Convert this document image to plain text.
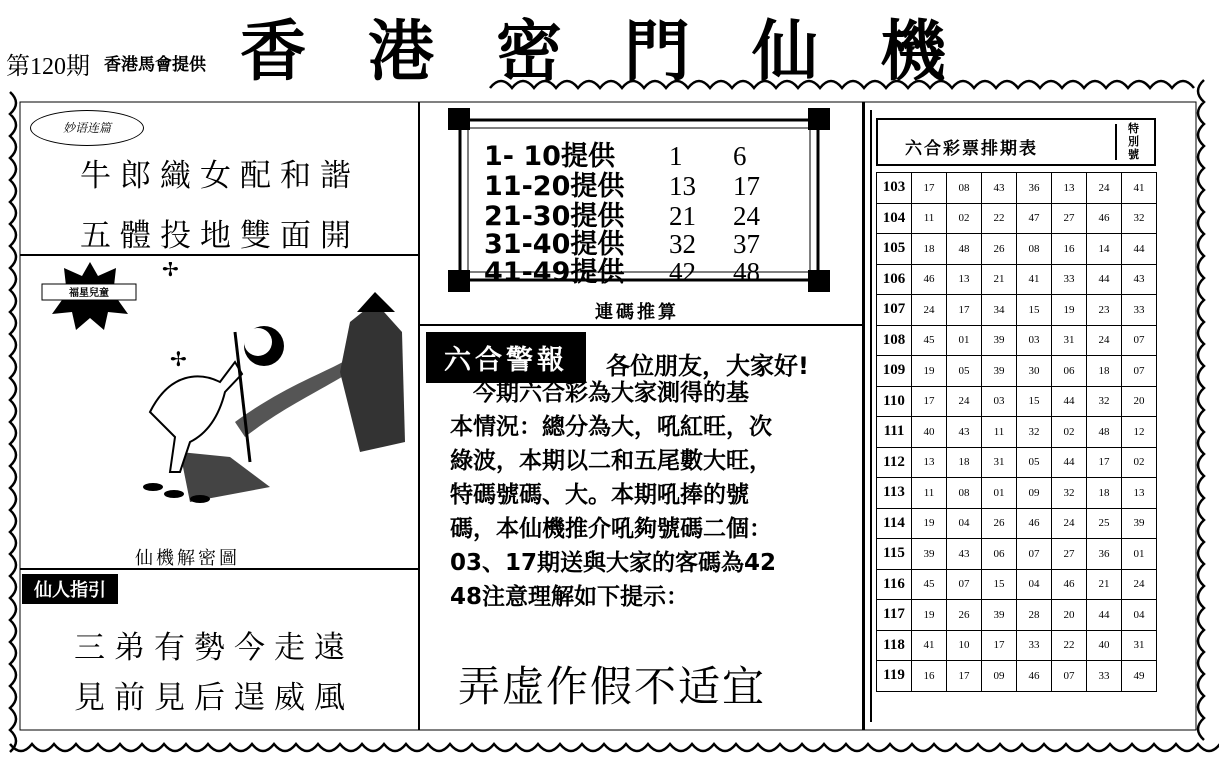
第120期 香港馬會提供 香港密門仙機
妙语连篇
牛郎織女配和諧
五體投地雙面開
福星兒童
✢
✢
仙機解密圖
仙人指引
三弟有勢今走遠
見前見后逞威風
1- 10提供 1 6
11-20提供 13 17
21-30提供 21 24
31-40提供 32 37
41-49提供 42 48
連碼推算
六合警報	各位朋友，大家好!
　今期六合彩為大家測得的基
本情況：總分為大，吼紅旺，次
綠波，本期以二和五尾數大旺，
特碼號碼、大。本期吼捧的號
碼，本仙機推介吼夠號碼二個：
03、17期送與大家的客碼為42
48注意理解如下提示：
弄虚作假不适宜
六合彩票排期表
特別號
103	17	08	43	36	13	24	41
104	11	02	22	47	27	46	32
105	18	48	26	08	16	14	44
106	46	13	21	41	33	44	43
107	24	17	34	15	19	23	33
108	45	01	39	03	31	24	07
109	19	05	39	30	06	18	07
110	17	24	03	15	44	32	20
111	40	43	11	32	02	48	12
112	13	18	31	05	44	17	02
113	11	08	01	09	32	18	13
114	19	04	26	46	24	25	39
115	39	43	06	07	27	36	01
116	45	07	15	04	46	21	24
117	19	26	39	28	20	44	04
118	41	10	17	33	22	40	31
119	16	17	09	46	07	33	49
